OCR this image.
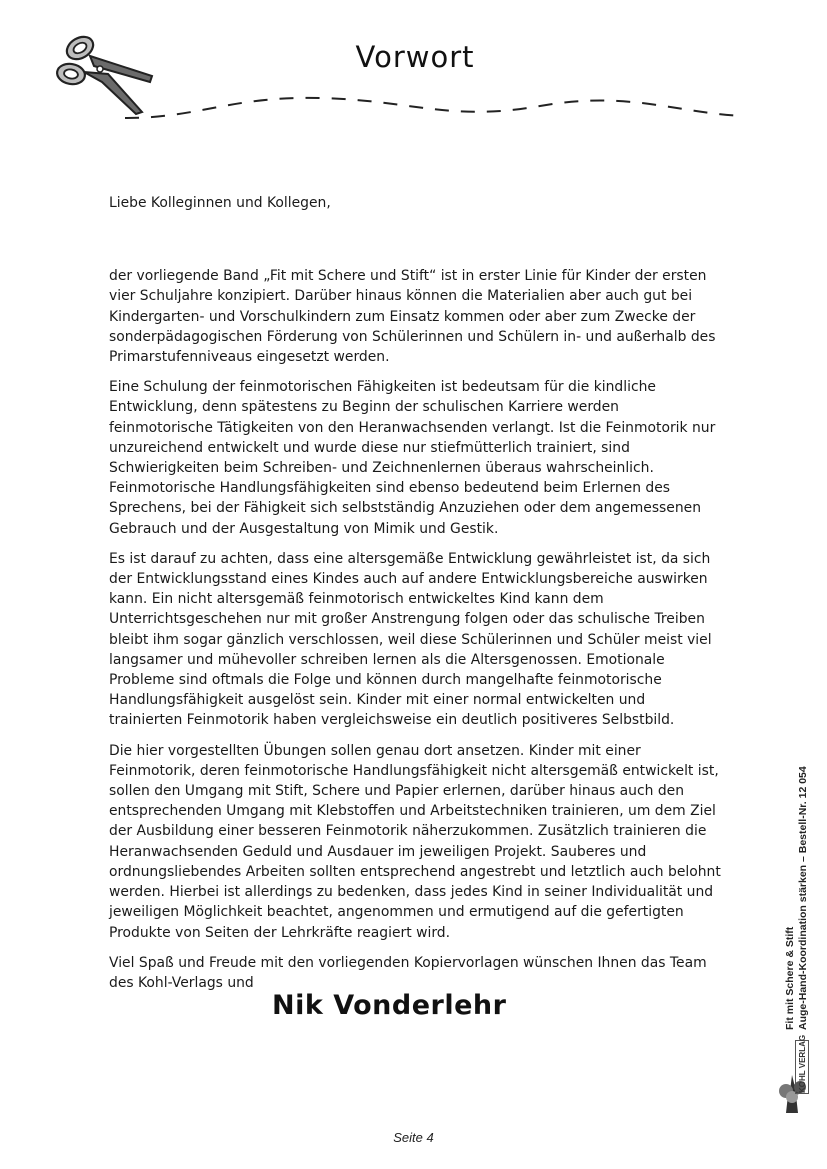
Vorwort
Liebe Kolleginnen und Kollegen,

der vorliegende Band „Fit mit Schere und Stift“ ist in erster Linie für Kinder der ersten vier Schuljahre konzipiert. Darüber hinaus können die Materialien aber auch gut bei Kindergarten- und Vorschulkindern zum Einsatz kommen oder aber zum Zwecke der sonderpädagogischen Förderung von Schülerinnen und Schülern in- und außerhalb des Primarstufenniveaus eingesetzt werden.

Eine Schulung der feinmotorischen Fähigkeiten ist bedeutsam für die kindliche Entwicklung, denn spätestens zu Beginn der schulischen Karriere werden feinmotorische Tätigkeiten von den Heranwachsenden verlangt. Ist die Feinmotorik nur unzureichend entwickelt und wurde diese nur stiefmütterlich trainiert, sind Schwierigkeiten beim Schreiben- und Zeichnenlernen überaus wahrscheinlich. Feinmotorische Handlungsfähigkeiten sind ebenso bedeutend beim Erlernen des Sprechens, bei der Fähigkeit sich selbstständig Anzuziehen oder dem angemessenen Gebrauch und der Ausgestaltung von Mimik und Gestik.

Es ist darauf zu achten, dass eine altersgemäße Entwicklung gewährleistet ist, da sich der Entwicklungsstand eines Kindes auch auf andere Entwicklungsbereiche auswirken kann. Ein nicht altersgemäß feinmotorisch entwickeltes Kind kann dem Unterrichtsgeschehen nur mit großer Anstrengung folgen oder das schulische Treiben bleibt ihm sogar gänzlich verschlossen, weil diese Schülerinnen und Schüler meist viel langsamer und mühevoller schreiben lernen als die Altersgenossen. Emotionale Probleme sind oftmals die Folge und können durch mangelhafte feinmotorische Handlungsfähigkeit ausgelöst sein. Kinder mit einer normal entwickelten und trainierten Feinmotorik haben vergleichsweise ein deutlich positiveres Selbstbild.

Die hier vorgestellten Übungen sollen genau dort ansetzen. Kinder mit einer Feinmotorik, deren feinmotorische Handlungsfähigkeit nicht altersgemäß entwickelt ist, sollen den Umgang mit Stift, Schere und Papier erlernen, darüber hinaus auch den entsprechenden Umgang mit Klebstoffen und Arbeitstechniken trainieren, um dem Ziel der Ausbildung einer besseren Feinmotorik näherzukommen. Zusätzlich trainieren die Heranwachsenden Geduld und Ausdauer im jeweiligen Projekt. Sauberes und ordnungsliebendes Arbeiten sollten entsprechend angestrebt und letztlich auch belohnt werden. Hierbei ist allerdings zu bedenken, dass jedes Kind in seiner Individualität und jeweiligen Möglichkeit beachtet, angenommen und ermutigend auf die gefertigten Produkte von Seiten der Lehrkräfte reagiert wird.

Viel Spaß und Freude mit den vorliegenden Kopiervorlagen wünschen Ihnen das Team des Kohl-Verlags und

Nik Vonderlehr	Fit mit Schere & Stift Auge-Hand-Koordination stärken – Bestell-Nr. 12 054
KOHL VERLAG
Seite 4
